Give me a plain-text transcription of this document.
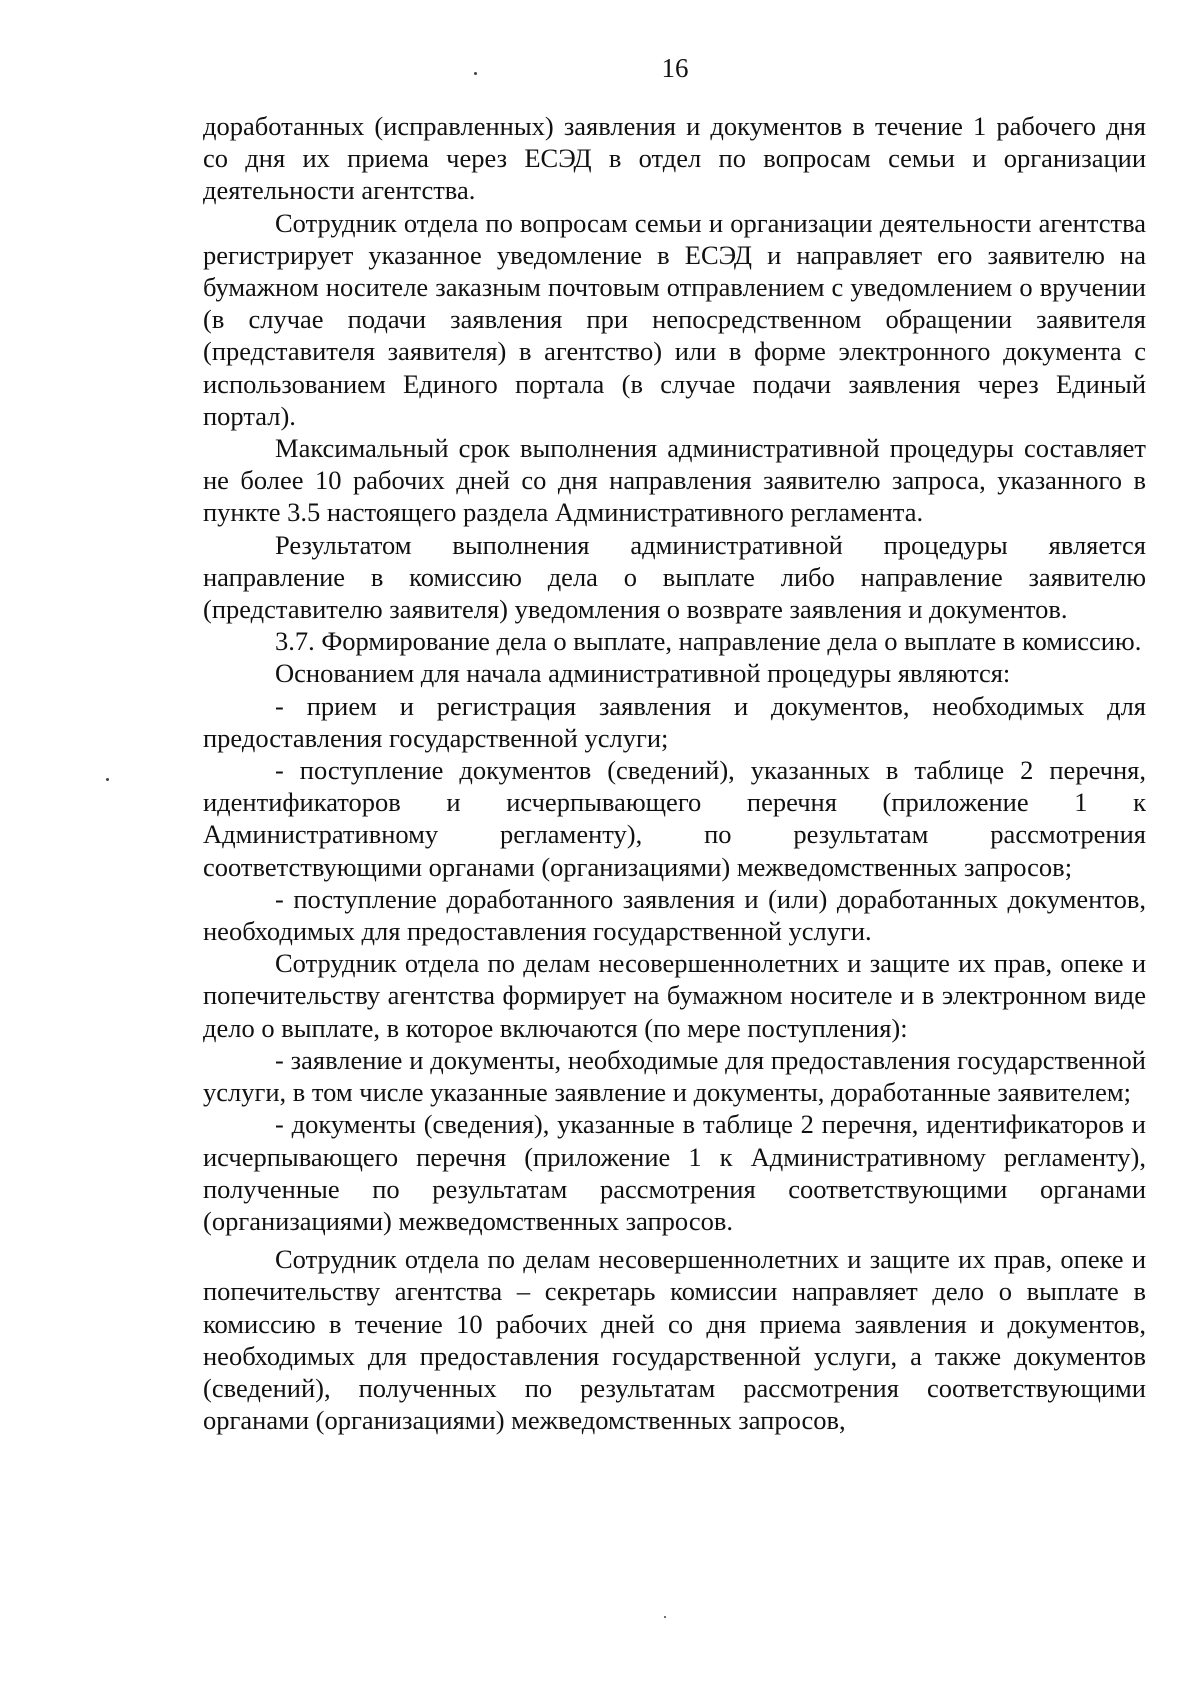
16

доработанных (исправленных) заявления и документов в течение 1 рабочего дня со дня их приема через ЕСЭД в отдел по вопросам семьи и организации деятельности агентства.

Сотрудник отдела по вопросам семьи и организации деятельности агентства регистрирует указанное уведомление в ЕСЭД и направляет его заявителю на бумажном носителе заказным почтовым отправлением с уведомлением о вручении (в случае подачи заявления при непосредственном обращении заявителя (представителя заявителя) в агентство) или в форме электронного документа с использованием Единого портала (в случае подачи заявления через Единый портал).

Максимальный срок выполнения административной процедуры составляет не более 10 рабочих дней со дня направления заявителю запроса, указанного в пункте 3.5 настоящего раздела Административного регламента.

Результатом выполнения административной процедуры является направление в комиссию дела о выплате либо направление заявителю (представителю заявителя) уведомления о возврате заявления и документов.

3.7. Формирование дела о выплате, направление дела о выплате в комиссию.

Основанием для начала административной процедуры являются:

- прием и регистрация заявления и документов, необходимых для предоставления государственной услуги;

- поступление документов (сведений), указанных в таблице 2 перечня, идентификаторов и исчерпывающего перечня (приложение 1 к Административному регламенту), по результатам рассмотрения соответствующими органами (организациями) межведомственных запросов;

- поступление доработанного заявления и (или) доработанных документов, необходимых для предоставления государственной услуги.

Сотрудник отдела по делам несовершеннолетних и защите их прав, опеке и попечительству агентства формирует на бумажном носителе и в электронном виде дело о выплате, в которое включаются (по мере поступления):

- заявление и документы, необходимые для предоставления государственной услуги, в том числе указанные заявление и документы, доработанные заявителем;

- документы (сведения), указанные в таблице 2 перечня, идентификаторов и исчерпывающего перечня (приложение 1 к Административному регламенту), полученные по результатам рассмотрения соответствующими органами (организациями) межведомственных запросов.

Сотрудник отдела по делам несовершеннолетних и защите их прав, опеке и попечительству агентства – секретарь комиссии направляет дело о выплате в комиссию в течение 10 рабочих дней со дня приема заявления и документов, необходимых для предоставления государственной услуги, а также документов (сведений), полученных по результатам рассмотрения соответствующими органами (организациями) межведомственных запросов,
